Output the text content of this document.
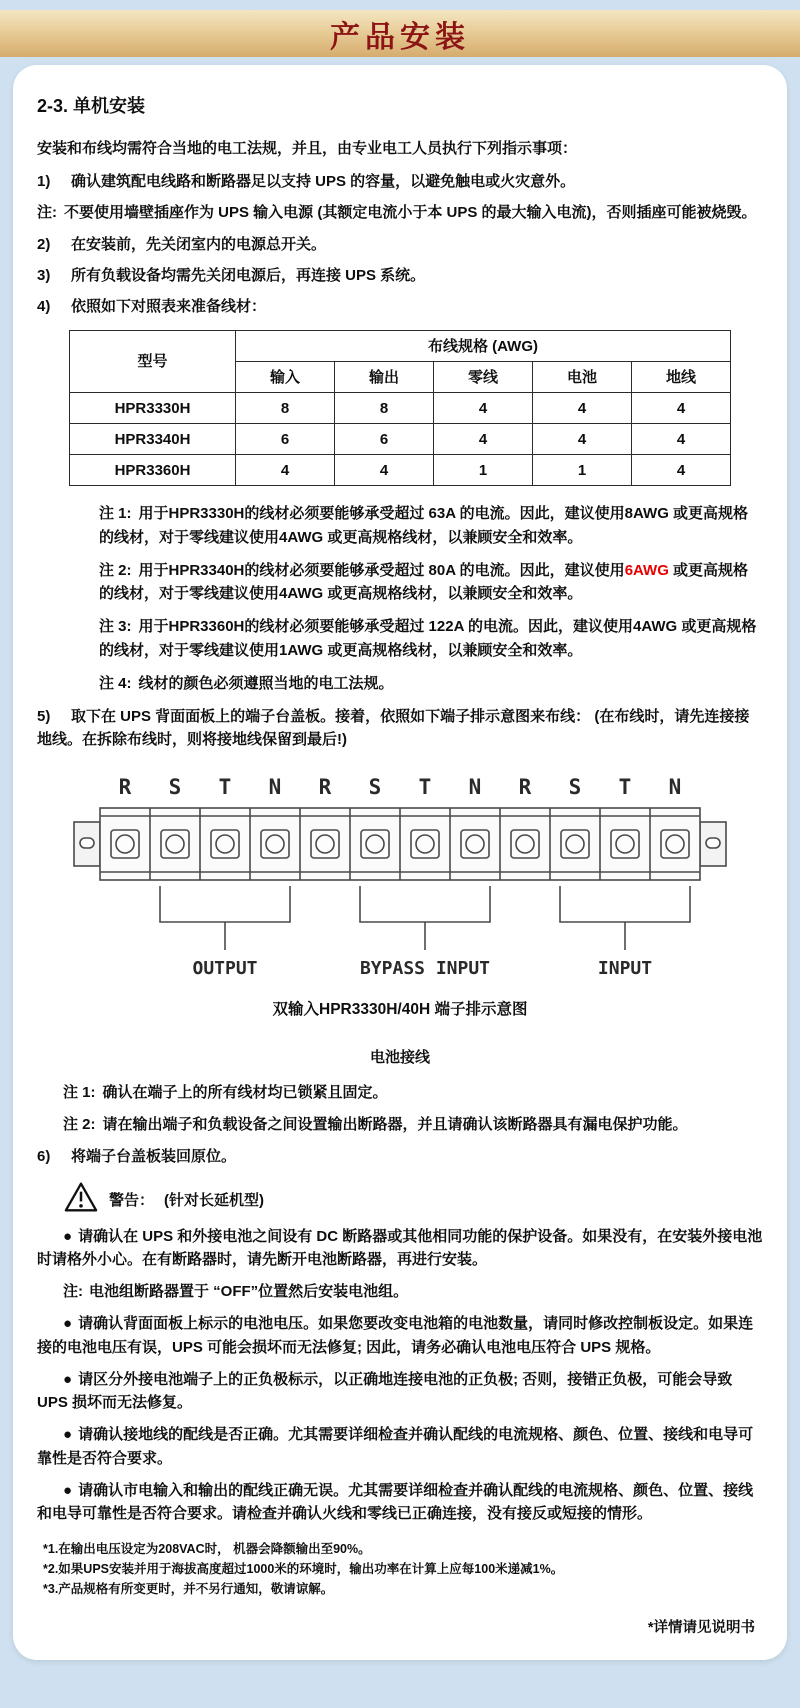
产品安装
2-3. 单机安装

安装和布线均需符合当地的电工法规，并且，由专业电工人员执行下列指示事项：

1) 确认建筑配电线路和断路器足以支持 UPS 的容量，以避免触电或火灾意外。

注: 不要使用墙壁插座作为 UPS 输入电源 (其额定电流小于本 UPS 的最大输入电流)，否则插座可能被烧毁。

2) 在安装前，先关闭室内的电源总开关。

3) 所有负载设备均需先关闭电源后，再连接 UPS 系统。

4) 依照如下对照表来准备线材：

型号	布线规格 (AWG)				
	输入	输出	零线	电池	地线
HPR3330H	8	8	4	4	4
HPR3340H	6	6	4	4	4
HPR3360H	4	4	1	1	4

注 1: 用于HPR3330H的线材必须要能够承受超过 63A 的电流。因此，建议使用8AWG 或更高规格的线材，对于零线建议使用4AWG 或更高规格线材，以兼顾安全和效率。

注 2: 用于HPR3340H的线材必须要能够承受超过 80A 的电流。因此，建议使用6AWG 或更高规格的线材，对于零线建议使用4AWG 或更高规格线材，以兼顾安全和效率。

注 3: 用于HPR3360H的线材必须要能够承受超过 122A 的电流。因此，建议使用4AWG 或更高规格的线材，对于零线建议使用1AWG 或更高规格线材，以兼顾安全和效率。

注 4: 线材的颜色必须遵照当地的电工法规。

5) 取下在 UPS 背面面板上的端子台盖板。接着，依照如下端子排示意图来布线： (在布线时，请先连接接地线。在拆除布线时，则将接地线保留到最后!)

R S T N R S T N R S T N
OUTPUT	BYPASS INPUT	INPUT

双输入HPR3330H/40H 端子排示意图

电池接线

注 1: 确认在端子上的所有线材均已锁紧且固定。

注 2: 请在输出端子和负载设备之间设置输出断路器，并且请确认该断路器具有漏电保护功能。

6) 将端子台盖板装回原位。

警告： (针对长延机型)

● 请确认在 UPS 和外接电池之间设有 DC 断路器或其他相同功能的保护设备。如果没有，在安装外接电池时请格外小心。在有断路器时，请先断开电池断路器，再进行安装。

注: 电池组断路器置于 “OFF”位置然后安装电池组。

● 请确认背面面板上标示的电池电压。如果您要改变电池箱的电池数量，请同时修改控制板设定。如果连接的电池电压有误，UPS 可能会损坏而无法修复; 因此，请务必确认电池电压符合 UPS 规格。

● 请区分外接电池端子上的正负极标示，以正确地连接电池的正负极; 否则，接错正负极，可能会导致 UPS 损坏而无法修复。

● 请确认接地线的配线是否正确。尤其需要详细检查并确认配线的电流规格、颜色、位置、接线和电导可靠性是否符合要求。

● 请确认市电输入和输出的配线正确无误。尤其需要详细检查并确认配线的电流规格、颜色、位置、接线和电导可靠性是否符合要求。请检查并确认火线和零线已正确连接，没有接反或短接的情形。

*1.在输出电压设定为208VAC时， 机器会降额输出至90%。

*2.如果UPS安装并用于海拔高度超过1000米的环境时，输出功率在计算上应每100米递减1%。

*3.产品规格有所变更时，并不另行通知，敬请谅解。

*详情请见说明书
